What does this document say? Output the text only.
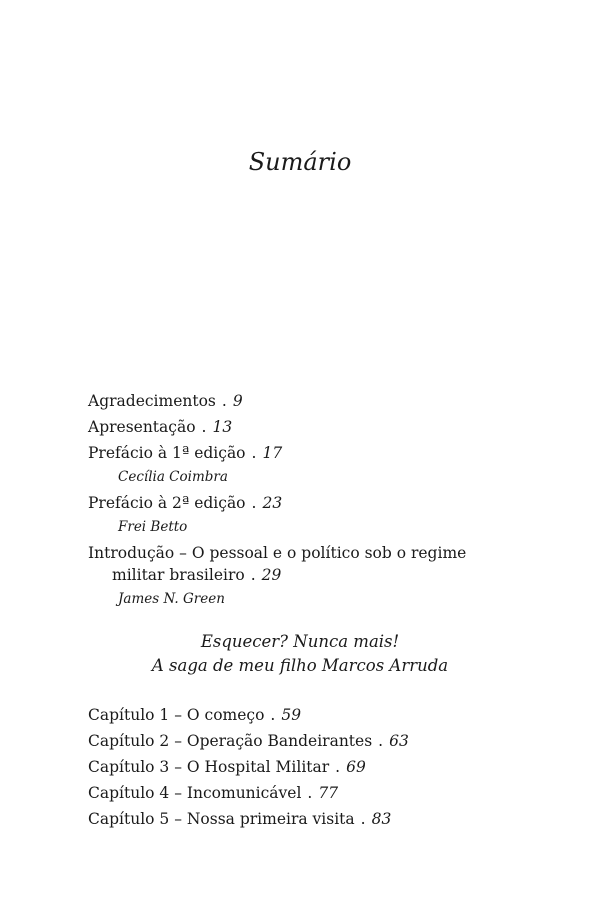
Sumário
Agradecimentos . 9
Apresentação . 13
Prefácio à 1ª edição . 17
Cecília Coimbra
Prefácio à 2ª edição . 23
Frei Betto
Introdução – O pessoal e o político sob o regime
militar brasileiro . 29
James N. Green
Esquecer? Nunca mais!
A saga de meu filho Marcos Arruda
Capítulo 1 – O começo . 59
Capítulo 2 – Operação Bandeirantes . 63
Capítulo 3 – O Hospital Militar . 69
Capítulo 4 – Incomunicável . 77
Capítulo 5 – Nossa primeira visita . 83
